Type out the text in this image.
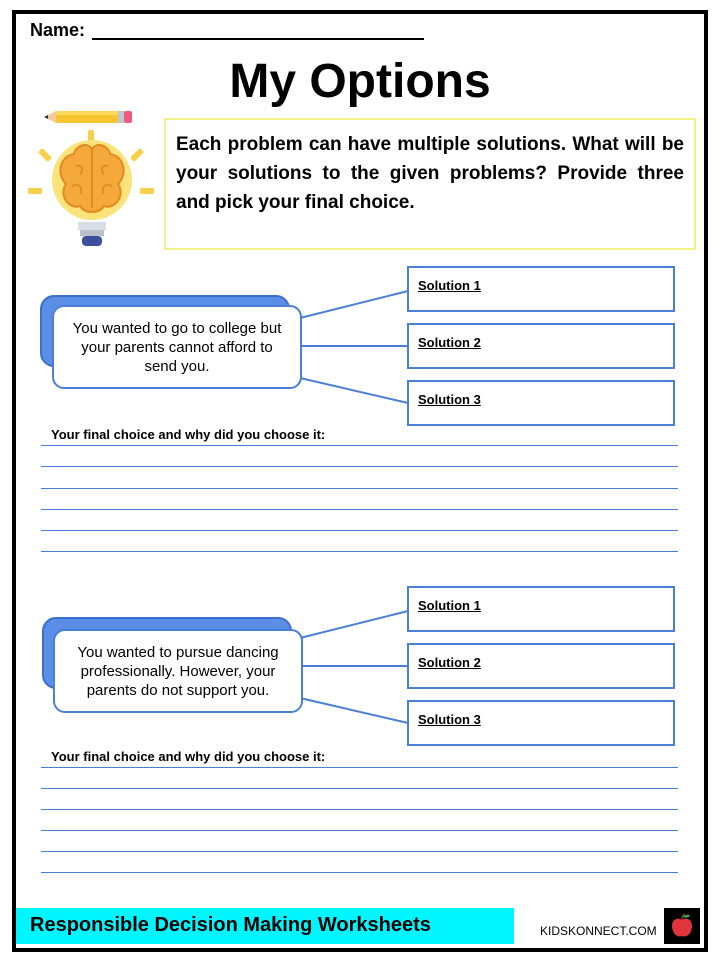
Name:
My Options
Each problem can have multiple solutions. What will be your solutions to the given problems? Provide three and pick your final choice.
You wanted to go to college but your parents cannot afford to send you.
Solution 1
Solution 2
Solution 3
Your final choice and why did you choose it:
You wanted to pursue dancing professionally. However, your parents do not support you.
Solution 1
Solution 2
Solution 3
Your final choice and why did you choose it:
Responsible Decision Making Worksheets	KIDSKONNECT.COM
